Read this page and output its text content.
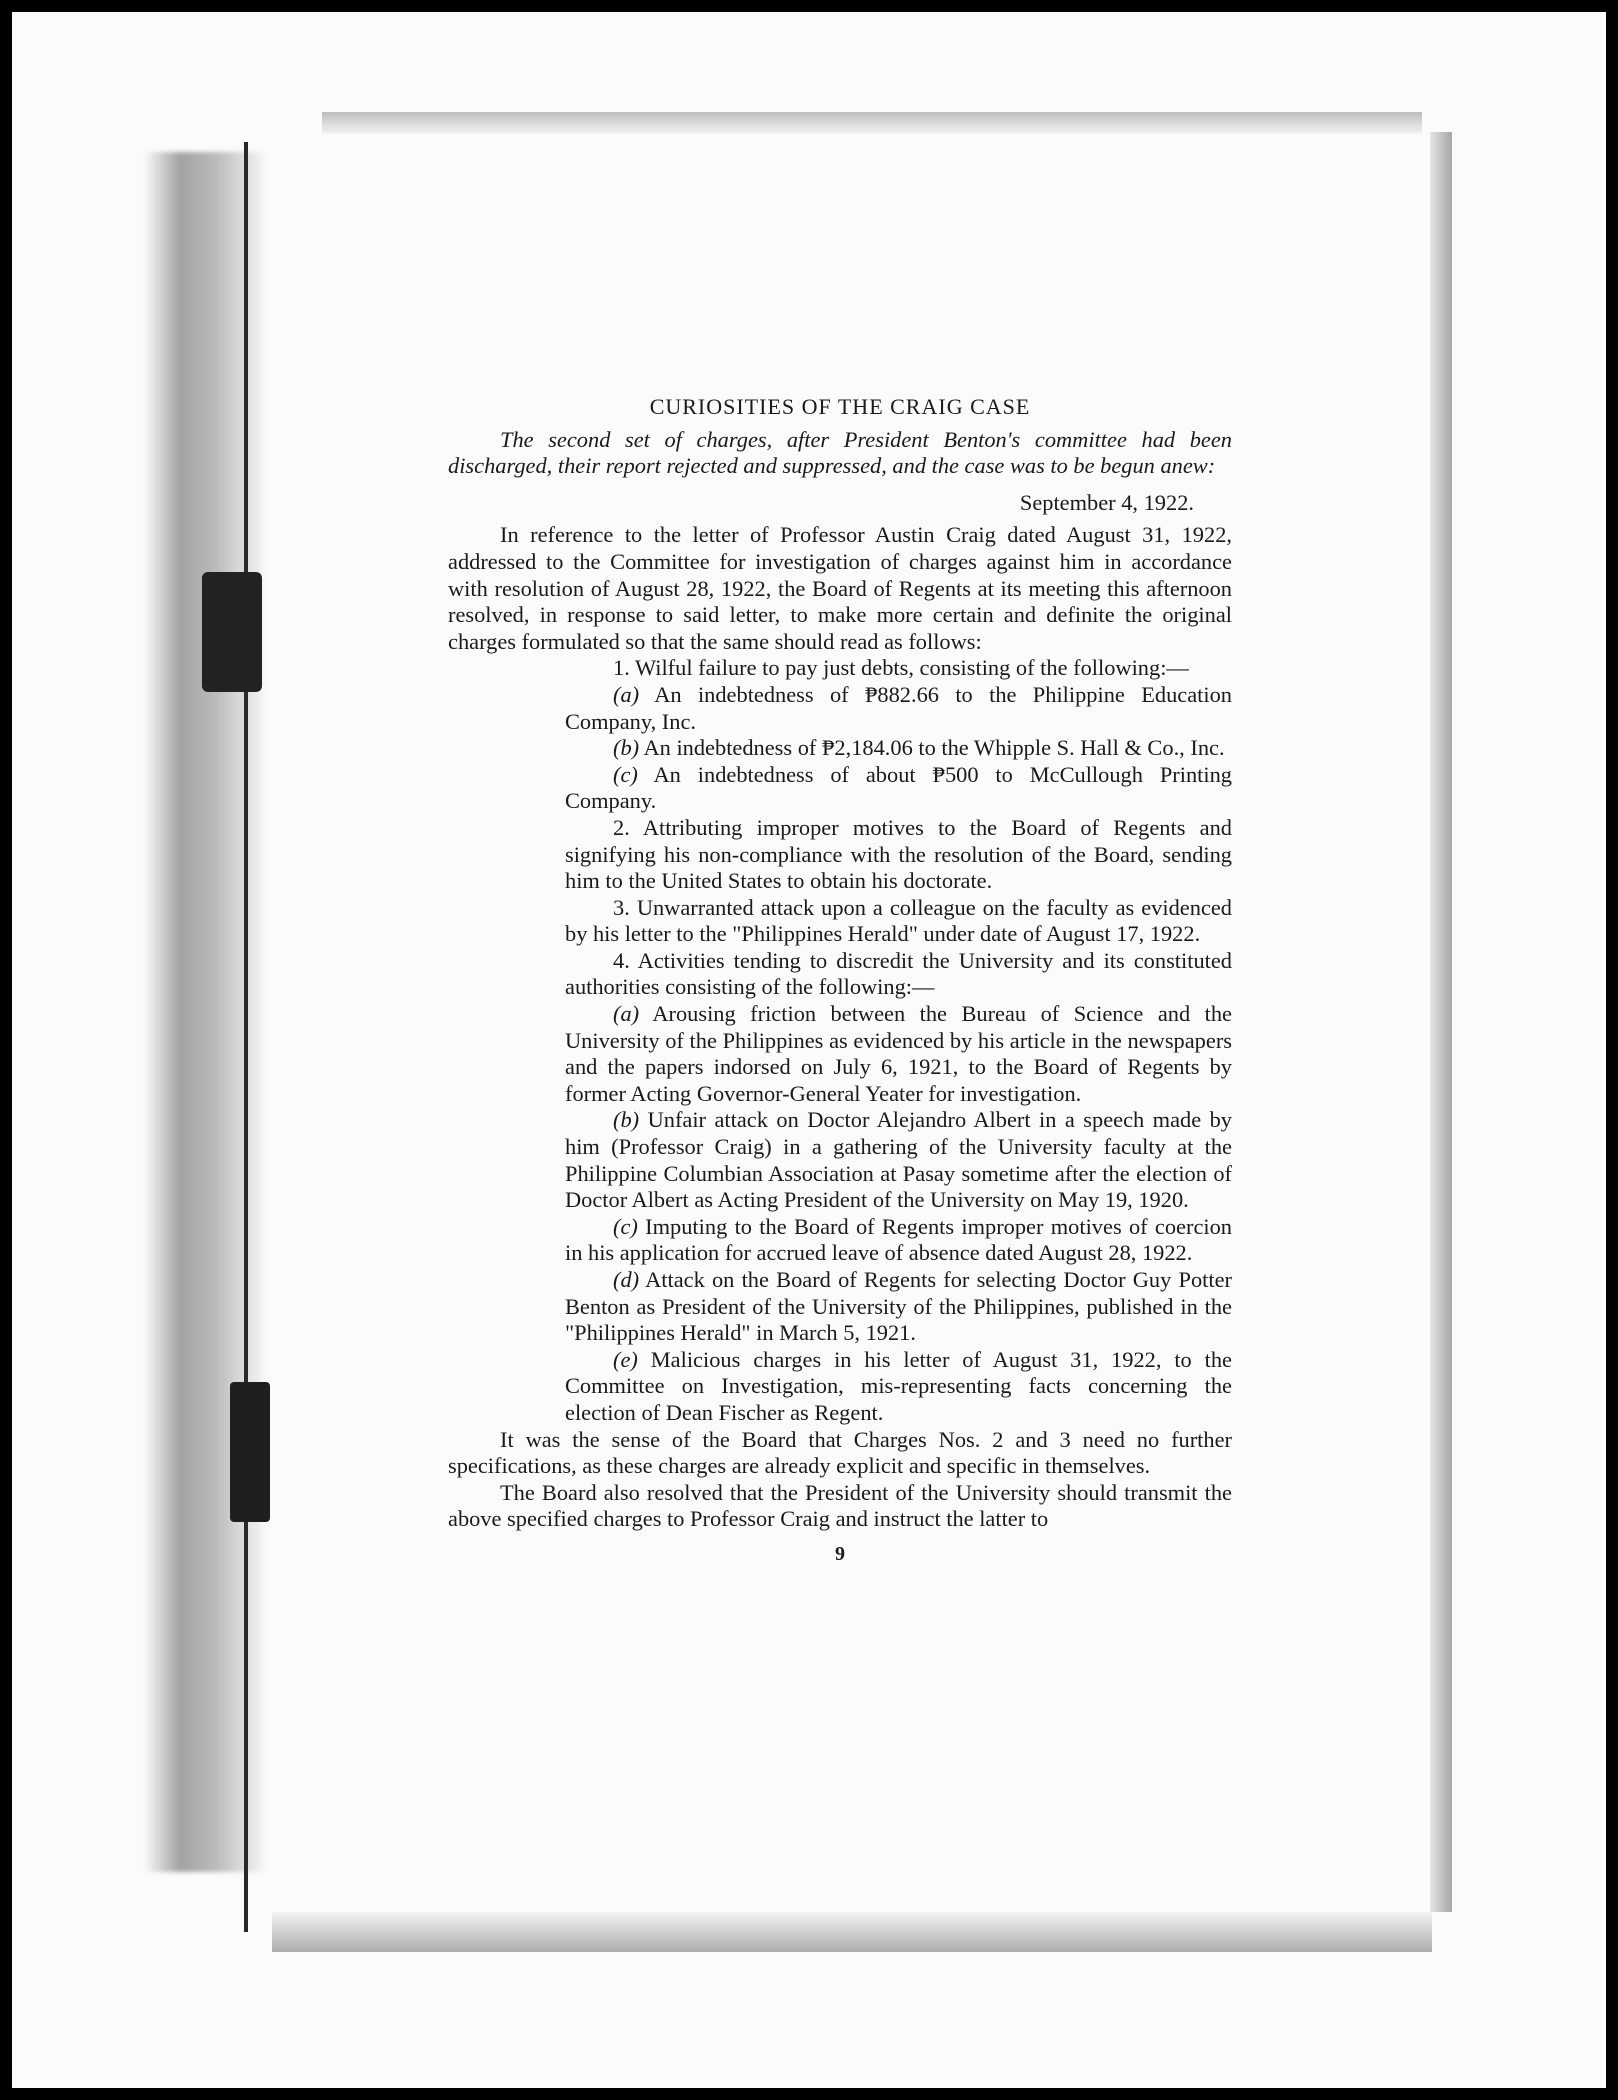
CURIOSITIES OF THE CRAIG CASE

The second set of charges, after President Benton's committee had been discharged, their report rejected and suppressed, and the case was to be begun anew:

September 4, 1922.

In reference to the letter of Professor Austin Craig dated August 31, 1922, addressed to the Committee for investigation of charges against him in accordance with resolution of August 28, 1922, the Board of Regents at its meeting this afternoon resolved, in response to said letter, to make more certain and definite the original charges formulated so that the same should read as follows:

1. Wilful failure to pay just debts, consisting of the following:—

(a) An indebtedness of ₱882.66 to the Philippine Education Company, Inc.

(b) An indebtedness of ₱2,184.06 to the Whipple S. Hall & Co., Inc.

(c) An indebtedness of about ₱500 to McCullough Printing Company.

2. Attributing improper motives to the Board of Regents and signifying his non-compliance with the resolution of the Board, sending him to the United States to obtain his doctorate.

3. Unwarranted attack upon a colleague on the faculty as evidenced by his letter to the "Philippines Herald" under date of August 17, 1922.

4. Activities tending to discredit the University and its constituted authorities consisting of the following:—

(a) Arousing friction between the Bureau of Science and the University of the Philippines as evidenced by his article in the newspapers and the papers indorsed on July 6, 1921, to the Board of Regents by former Acting Governor-General Yeater for investigation.

(b) Unfair attack on Doctor Alejandro Albert in a speech made by him (Professor Craig) in a gathering of the University faculty at the Philippine Columbian Association at Pasay sometime after the election of Doctor Albert as Acting President of the University on May 19, 1920.

(c) Imputing to the Board of Regents improper motives of coercion in his application for accrued leave of absence dated August 28, 1922.

(d) Attack on the Board of Regents for selecting Doctor Guy Potter Benton as President of the University of the Philippines, published in the "Philippines Herald" in March 5, 1921.

(e) Malicious charges in his letter of August 31, 1922, to the Committee on Investigation, mis-representing facts concerning the election of Dean Fischer as Regent.

It was the sense of the Board that Charges Nos. 2 and 3 need no further specifications, as these charges are already explicit and specific in themselves.

The Board also resolved that the President of the University should transmit the above specified charges to Professor Craig and instruct the latter to

9
